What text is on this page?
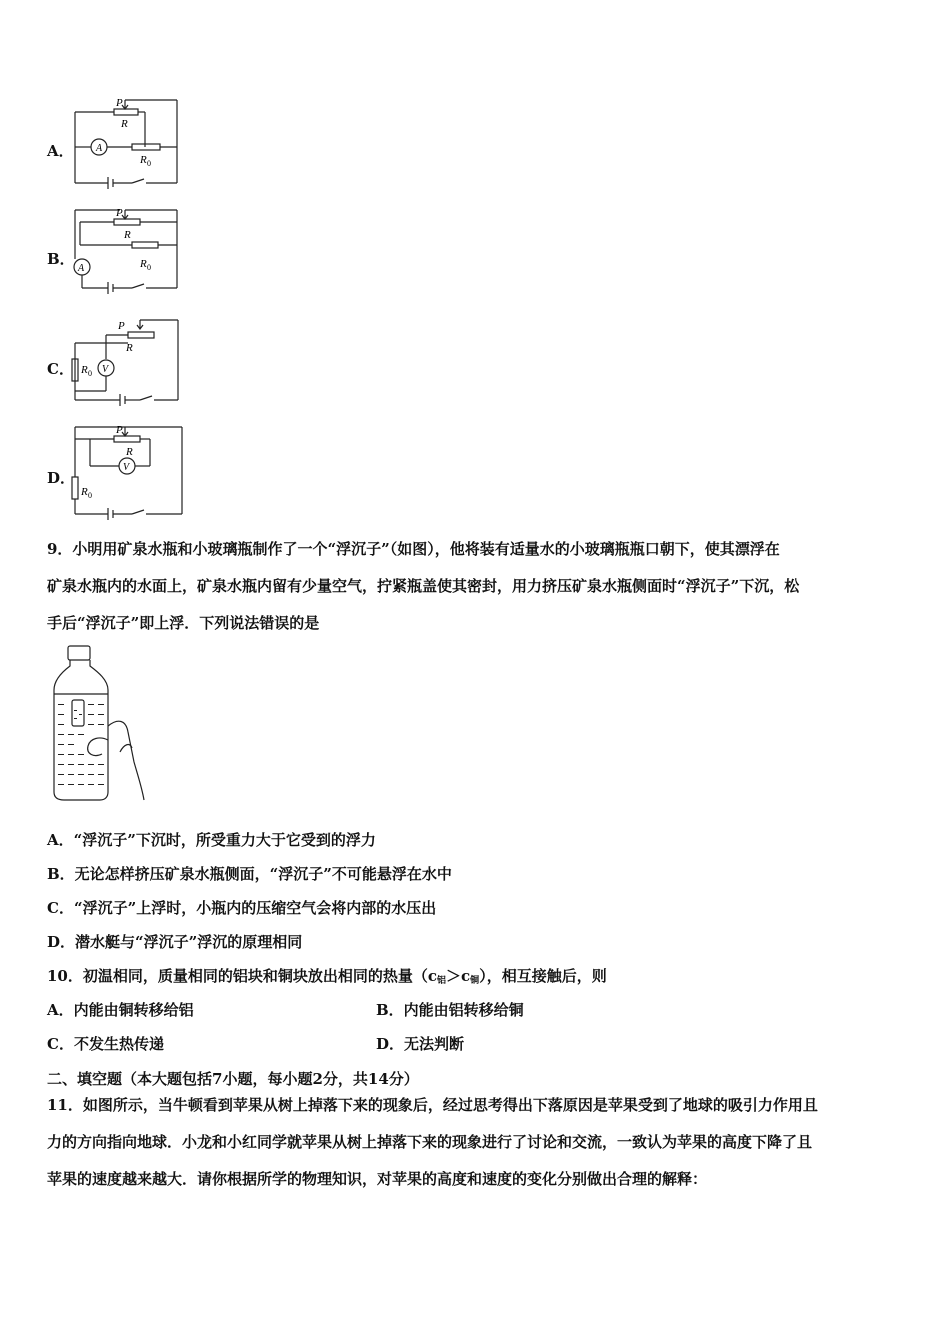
A． A
P
R
R 0
B．
A
P
R
R 0
C．	V
P
R
R 0
D．
V
P
R
R 0
9．小明用矿泉水瓶和小玻璃瓶制作了一个“浮沉子”（如图），他将装有适量水的小玻璃瓶瓶口朝下，使其漂浮在
矿泉水瓶内的水面上，矿泉水瓶内留有少量空气，拧紧瓶盖使其密封，用力挤压矿泉水瓶侧面时“浮沉子”下沉，松
手后“浮沉子”即上浮．下列说法错误的是
A．“浮沉子”下沉时，所受重力大于它受到的浮力
B．无论怎样挤压矿泉水瓶侧面，“浮沉子”不可能悬浮在水中
C．“浮沉子”上浮时，小瓶内的压缩空气会将内部的水压出
D．潜水艇与“浮沉子”浮沉的原理相同
10．初温相同，质量相同的铝块和铜块放出相同的热量（c铝＞c铜），相互接触后，则
A．内能由铜转移给铝	B．内能由铝转移给铜
C．不发生热传递	D．无法判断
二、填空题（本大题包括7小题，每小题2分，共14分）
11．如图所示，当牛顿看到苹果从树上掉落下来的现象后，经过思考得出下落原因是苹果受到了地球的吸引力作用且
力的方向指向地球．小龙和小红同学就苹果从树上掉落下来的现象进行了讨论和交流，一致认为苹果的高度下降了且
苹果的速度越来越大．请你根据所学的物理知识，对苹果的高度和速度的变化分别做出合理的解释：
